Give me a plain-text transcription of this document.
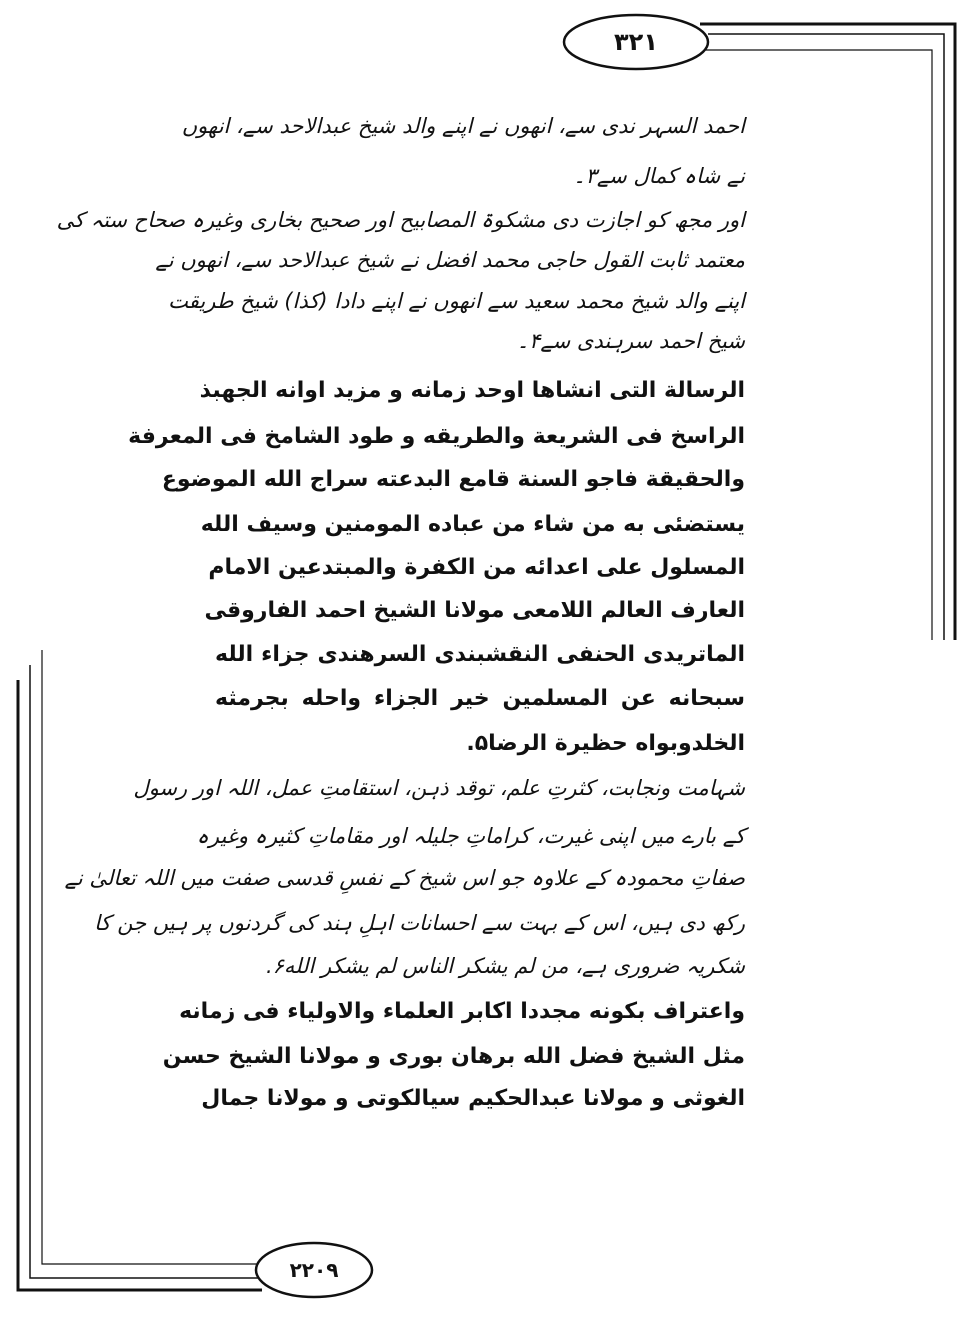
۳۲۱
۲۲۰۹
احمد السہر ندی سے، انھوں نے اپنے والد شیخ عبدالاحد سے، انھوں
نے شاہ کمال سے۳۔
اور مجھ کو اجازت دی مشکوۃ المصابیح اور صحیح بخاری وغیرہ صحاح ستہ کی
معتمد ثابت القول حاجی محمد افضل نے شیخ عبدالاحد سے، انھوں نے
اپنے والد شیخ محمد سعید سے انھوں نے اپنے دادا (کذا) شیخ طریقت
شیخ احمد سرہندی سے۴۔
الرسالة التی انشاها اوحد زمانه و مزید اوانه الجهبذ
الراسخ فی الشریعة والطریقه و طود الشامخ فی المعرفة
والحقیقة فاجو السنة قامع البدعته سراج الله الموضوع
یستضئی به من شاء من عباده المومنین وسیف الله
المسلول علی اعدائه من الکفرة والمبتدعین الامام
العارف العالم اللامعی مولانا الشیخ احمد الفاروقی
الماتریدی الحنفی النقشبندی السرهندی جزاء الله
سبحانه عن المسلمین خیر الجزاء واحله بجرمثه
الخلدوبواه حظیرة الرضا۵.
شہامت ونجابت، کثرتِ علم، توقد ذہن، استقامتِ عمل، اللہ اور رسول
کے بارے میں اپنی غیرت، کراماتِ جلیلہ اور مقاماتِ کثیرہ وغیرہ
صفاتِ محمودہ کے علاوہ جو اس شیخ کے نفسِ قدسی صفت میں اللہ تعالیٰ نے
رکھ دی ہیں، اس کے بہت سے احسانات اہلِ ہند کی گردنوں پر ہیں جن کا
شکریہ ضروری ہے، من لم یشکر الناس لم یشکر الله۶.
واعتراف بکونه مجددا اکابر العلماء والاولیاء فی زمانه
مثل الشیخ فضل الله برهان بوری و مولانا الشیخ حسن
الغوثی و مولانا عبدالحکیم سیالکوتی و مولانا جمال
